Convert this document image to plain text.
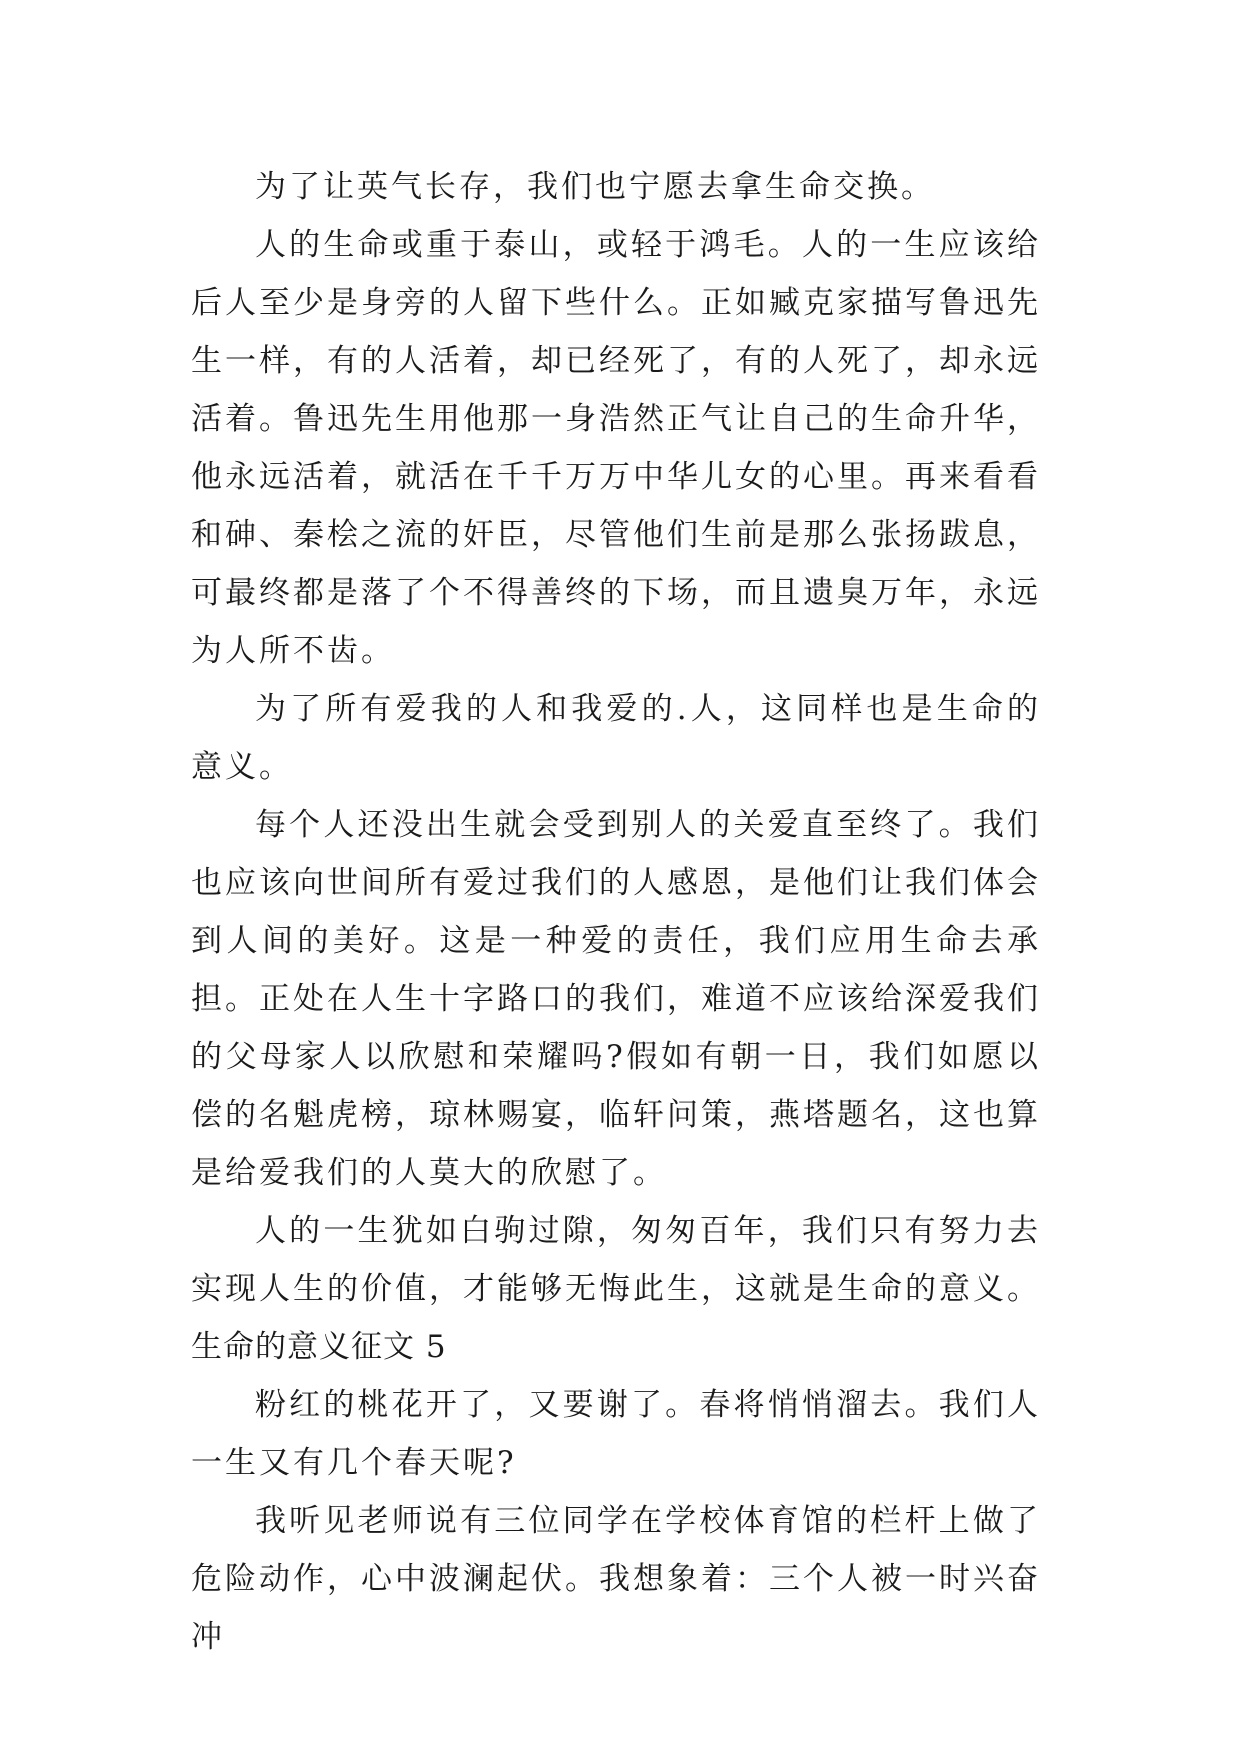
为了让英气长存，我们也宁愿去拿生命交换。

人的生命或重于泰山，或轻于鸿毛。人的一生应该给后人至少是身旁的人留下些什么。正如臧克家描写鲁迅先生一样，有的人活着，却已经死了，有的人死了，却永远活着。鲁迅先生用他那一身浩然正气让自己的生命升华，他永远活着，就活在千千万万中华儿女的心里。再来看看和砷、秦桧之流的奸臣，尽管他们生前是那么张扬跋息，可最终都是落了个不得善终的下场，而且遗臭万年，永远为人所不齿。

为了所有爱我的人和我爱的.人，这同样也是生命的意义。

每个人还没出生就会受到别人的关爱直至终了。我们也应该向世间所有爱过我们的人感恩，是他们让我们体会到人间的美好。这是一种爱的责任，我们应用生命去承担。正处在人生十字路口的我们，难道不应该给深爱我们的父母家人以欣慰和荣耀吗?假如有朝一日，我们如愿以偿的名魁虎榜，琼林赐宴，临轩问策，燕塔题名，这也算是给爱我们的人莫大的欣慰了。

人的一生犹如白驹过隙，匆匆百年，我们只有努力去实现人生的价值，才能够无悔此生，这就是生命的意义。

生命的意义征文 5

粉红的桃花开了，又要谢了。春将悄悄溜去。我们人一生又有几个春天呢?

我听见老师说有三位同学在学校体育馆的栏杆上做了危险动作，心中波澜起伏。我想象着：三个人被一时兴奋冲
